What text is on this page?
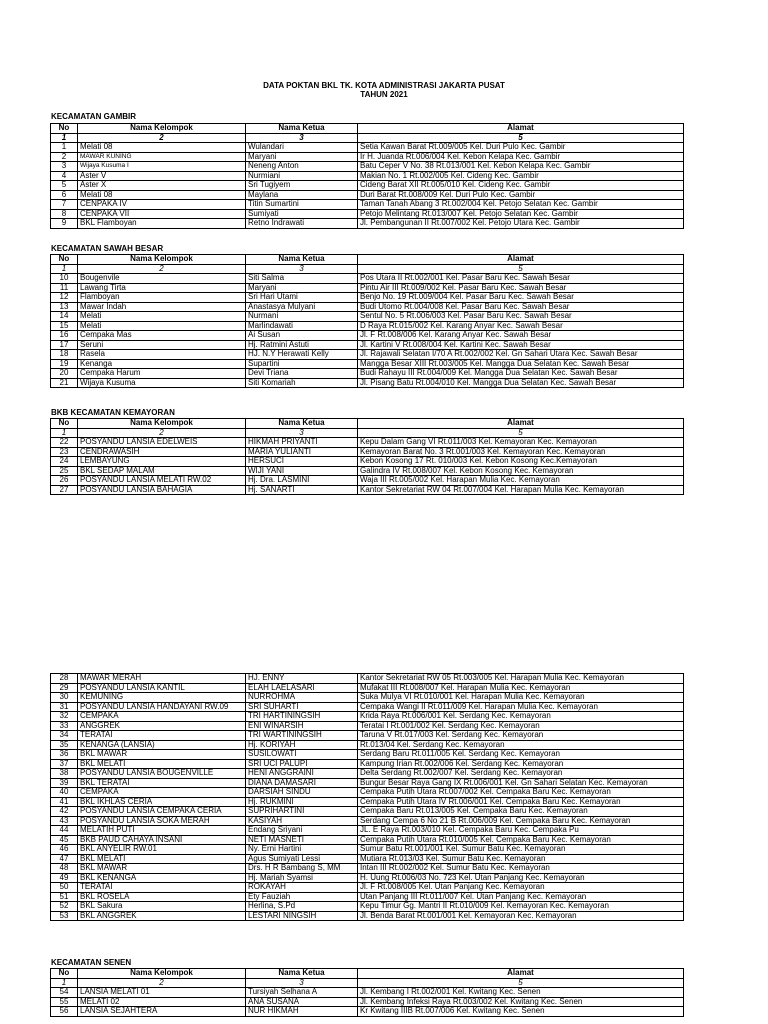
DATA POKTAN BKL TK. KOTA ADMINISTRASI JAKARTA PUSAT
TAHUN 2021
KECAMATAN GAMBIR
No	Nama Kelompok	Nama Ketua	Alamat
1	2	3	5
1	Melati 08	Wulandari	Setia Kawan Barat Rt.009/005 Kel. Duri Pulo Kec. Gambir
2	MAWAR KUNING	Maryani	Ir H. Juanda Rt.006/004 Kel. Kebon Kelapa Kec. Gambir
3	Wijaya Kusuma I	Neneng Anton	Batu Ceper V No. 38 Rt.013/001 Kel. Kebon Kelapa Kec. Gambir
4	Aster V	Nurmiani	Makian No. 1 Rt.002/005 Kel. Cideng Kec. Gambir
5	Aster X	Sri Tugiyem	Cideng Barat XII Rt.005/010 Kel. Cideng Kec. Gambir
6	Melati 08	Maylana	Duri Barat Rt.008/009 Kel. Duri Pulo Kec. Gambir
7	CENPAKA IV	Titin Sumartini	Taman Tanah Abang 3 Rt.002/004 Kel. Petojo Selatan Kec. Gambir
8	CENPAKA VII	Sumiyati	Petojo Melintang Rt.013/007 Kel. Petojo Selatan Kec. Gambir
9	BKL Flamboyan	Retno Indrawati	Jl. Pembangunan II Rt.007/002 Kel. Petojo Utara Kec. Gambir
KECAMATAN SAWAH BESAR
No	Nama Kelompok	Nama Ketua	Alamat
1	2	3	5
10	Bougenvile	Siti Salma	Pos Utara II Rt.002/001 Kel. Pasar Baru Kec. Sawah Besar
11	Lawang Tirta	Maryani	Pintu Air III Rt.009/002 Kel. Pasar Baru Kec. Sawah Besar
12	Flamboyan	Sri Hari Utami	Benjo No. 19 Rt.009/004 Kel. Pasar Baru Kec. Sawah Besar
13	Mawar Indah	Anastasya Mulyani	Budi Utomo Rt.004/008 Kel. Pasar Baru Kec. Sawah Besar
14	Melati	Nurmani	Sentul No. 5 Rt.006/003 Kel. Pasar Baru Kec. Sawah Besar
15	Melati	Marlindawati	D Raya Rt.015/002 Kel. Karang Anyar Kec. Sawah Besar
16	Cempaka Mas	Ai Susan	Jl. F Rt.008/006 Kel. Karang Anyar Kec. Sawah Besar
17	Seruni	Hj. Ratmini Astuti	Jl. Kartini V Rt.008/004 Kel. Kartini Kec. Sawah Besar
18	Rasela	HJ. N.Y Herawati Kelly	Jl. Rajawali Selatan I/70 A Rt.002/002 Kel. Gn Sahari Utara Kec. Sawah Besar
19	Kenanga	Supartini	Mangga Besar XIII Rt.003/005 Kel. Mangga Dua Selatan Kec. Sawah Besar
20	Cempaka Harum	Devi Triana	Budi Rahayu III Rt.004/009 Kel. Mangga Dua Selatan Kec. Sawah Besar
21	Wijaya Kusuma	Siti Komariah	Jl. Pisang Batu Rt.004/010 Kel. Mangga Dua Selatan Kec. Sawah Besar
BKB KECAMATAN KEMAYORAN
No	Nama Kelompok	Nama Ketua	Alamat
1	2	3	5
22	POSYANDU LANSIA EDELWEIS	HIKMAH PRIYANTI	Kepu Dalam Gang VI Rt.011/003 Kel. Kemayoran Kec. Kemayoran
23	CENDRAWASIH	MARIA YULIANTI	Kemayoran Barat No. 3 Rt.001/003 Kel. Kemayoran Kec. Kemayoran
24	LEMBAYUNG	HERSUCI	Kebon Kosong 17 Rt. 010/003 Kel. Kebon Kosong Kec.Kemayoran
25	BKL SEDAP MALAM	WIJI YANI	Galindra IV Rt.008/007 Kel. Kebon Kosong Kec. Kemayoran
26	POSYANDU LANSIA MELATI RW.02	Hj. Dra. LASMINI	Waja III Rt.005/002 Kel. Harapan Mulia Kec. Kemayoran
27	POSYANDU LANSIA BAHAGIA	Hj. SANARTI	Kantor Sekretariat RW 04 Rt.007/004 Kel. Harapan Mulia Kec. Kemayoran
28	MAWAR MERAH	HJ. ENNY	Kantor Sekretariat RW 05 Rt.003/005 Kel. Harapan Mulia Kec. Kemayoran
29	POSYANDU LANSIA KANTIL	ELAH LAELASARI	Mufakat III Rt.008/007 Kel. Harapan Mulia Kec. Kemayoran
30	KEMUNING	NURROHMA	Suka Mulya VI Rt.010/001 Kel. Harapan Mulia Kec. Kemayoran
31	POSYANDU LANSIA HANDAYANI RW.09	SRI SUHARTI	Cempaka Wangi II Rt.011/009 Kel. Harapan Mulia Kec. Kemayoran
32	CEMPAKA	TRI HARTININGSIH	Krida Raya Rt.006/001 Kel. Serdang Kec. Kemayoran
33	ANGGREK	ENI WINARSIH	Teratai I Rt.001/002 Kel. Serdang Kec. Kemayoran
34	TERATAI	TRI WARTININGSIH	Taruna V Rt.017/003 Kel. Serdang Kec. Kemayoran
35	KENANGA (LANSIA)	Hj. KORIYAH	Rt.013/04 Kel. Serdang Kec. Kemayoran
36	BKL MAWAR	SUSILOWATI	Serdang Baru Rt.011/005 Kel. Serdang Kec. Kemayoran
37	BKL MELATI	SRI UCI PALUPI	Kampung Irian Rt.002/006 Kel. Serdang Kec. Kemayoran
38	POSYANDU LANSIA BOUGENVILLE	HENI ANGGRAINI	Delta Serdang Rt.002/007 Kel. Serdang Kec. Kemayoran
39	BKL TERATAI	DIANA DAMASARI	Bungur Besar Raya Gang IX Rt.006/001 Kel. Gn Sahari Selatan Kec. Kemayoran
40	CEMPAKA	DARSIAH SINDU	Cempaka Putih Utara Rt.007/002 Kel. Cempaka Baru Kec. Kemayoran
41	BKL IKHLAS CERIA	Hj. RUKMINI	Cempaka Putih Utara IV Rt.006/001 Kel. Cempaka Baru Kec. Kemayoran
42	POSYANDU LANSIA CEMPAKA CERIA	SUPRIHARTINI	Cempaka Baru Rt.013/005 Kel. Cempaka Baru Kec. Kemayoran
43	POSYANDU LANSIA SOKA MERAH	KASIYAH	Serdang Cempa 6 No 21 B Rt.006/009 Kel. Cempaka Baru Kec. Kemayoran
44	MELATIH PUTI	Endang Sriyani	JL. E Raya Rt.003/010 Kel. Cempaka Baru Kec. Cempaka Pu
45	BKB PAUD CAHAYA INSANI	NETI MASNETI	Cempaka Putih Utara Rt.010/005 Kel. Cempaka Baru Kec. Kemayoran
46	BKL ANYELIR RW.01	Ny. Erni Hartini	Sumur Batu Rt.001/001 Kel. Sumur Batu Kec. Kemayoran
47	BKL MELATI	Agus Sumiyati Lessi	Mutiara Rt.013/03 Kel. Sumur Batu Kec. Kemayoran
48	BKL MAWAR	Drs. H R Bambang S, MM	Intan III Rt.002/002 Kel. Sumur Batu Kec. Kemayoran
49	BKL KENANGA	Hj. Mariah Syamsi	H. Uung Rt.006/03 No. 723 Kel. Utan Panjang Kec. Kemayoran
50	TERATAI	ROKAYAH	Jl. F Rt.008/005 Kel. Utan Panjang Kec. Kemayoran
51	BKL ROSELA	Ety Fauziah	Utan Panjang III Rt.011/007 Kel. Utan Panjang Kec. Kemayoran
52	BKL Sakura	Herlina, S.Pd	Kepu Timur Gg. Mantri II Rt.010/009 Kel. Kemayoran Kec. Kemayoran
53	BKL ANGGREK	LESTARI NINGSIH	Jl. Benda Barat Rt.001/001 Kel. Kemayoran Kec. Kemayoran
KECAMATAN SENEN
No	Nama Kelompok	Nama Ketua	Alamat
1	2	3	5
54	LANSIA MELATI 01	Tursiyah Selhana A	Jl. Kembang I Rt.002/001 Kel. Kwitang Kec. Senen
55	MELATI 02	ANA SUSANA	Jl. Kembang Infeksi Raya Rt.003/002 Kel. Kwitang Kec. Senen
56	LANSIA SEJAHTERA	NUR HIKMAH	Kr Kwitang IIIB Rt.007/006 Kel. Kwitang Kec. Senen
